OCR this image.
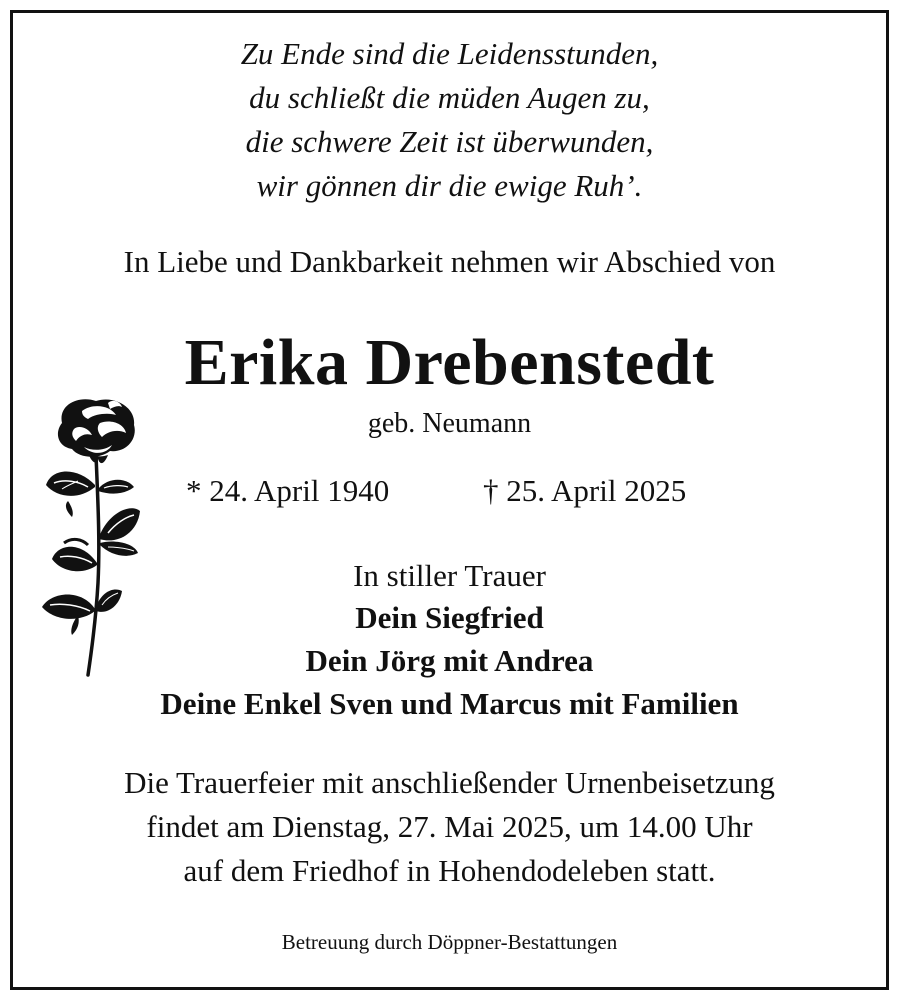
Zu Ende sind die Leidensstunden,

du schließt die müden Augen zu,

die schwere Zeit ist überwunden,

wir gönnen dir die ewige Ruh’.

In Liebe und Dankbarkeit nehmen wir Abschied von

Erika Drebenstedt

geb. Neumann

* 24. April 1940	† 25. April 2025

In stiller Trauer

Dein Siegfried

Dein Jörg mit Andrea

Deine Enkel Sven und Marcus mit Familien

Die Trauerfeier mit anschließender Urnenbeisetzung

findet am Dienstag, 27. Mai 2025, um 14.00 Uhr

auf dem Friedhof in Hohendodeleben statt.

Betreuung durch Döppner-Bestattungen
